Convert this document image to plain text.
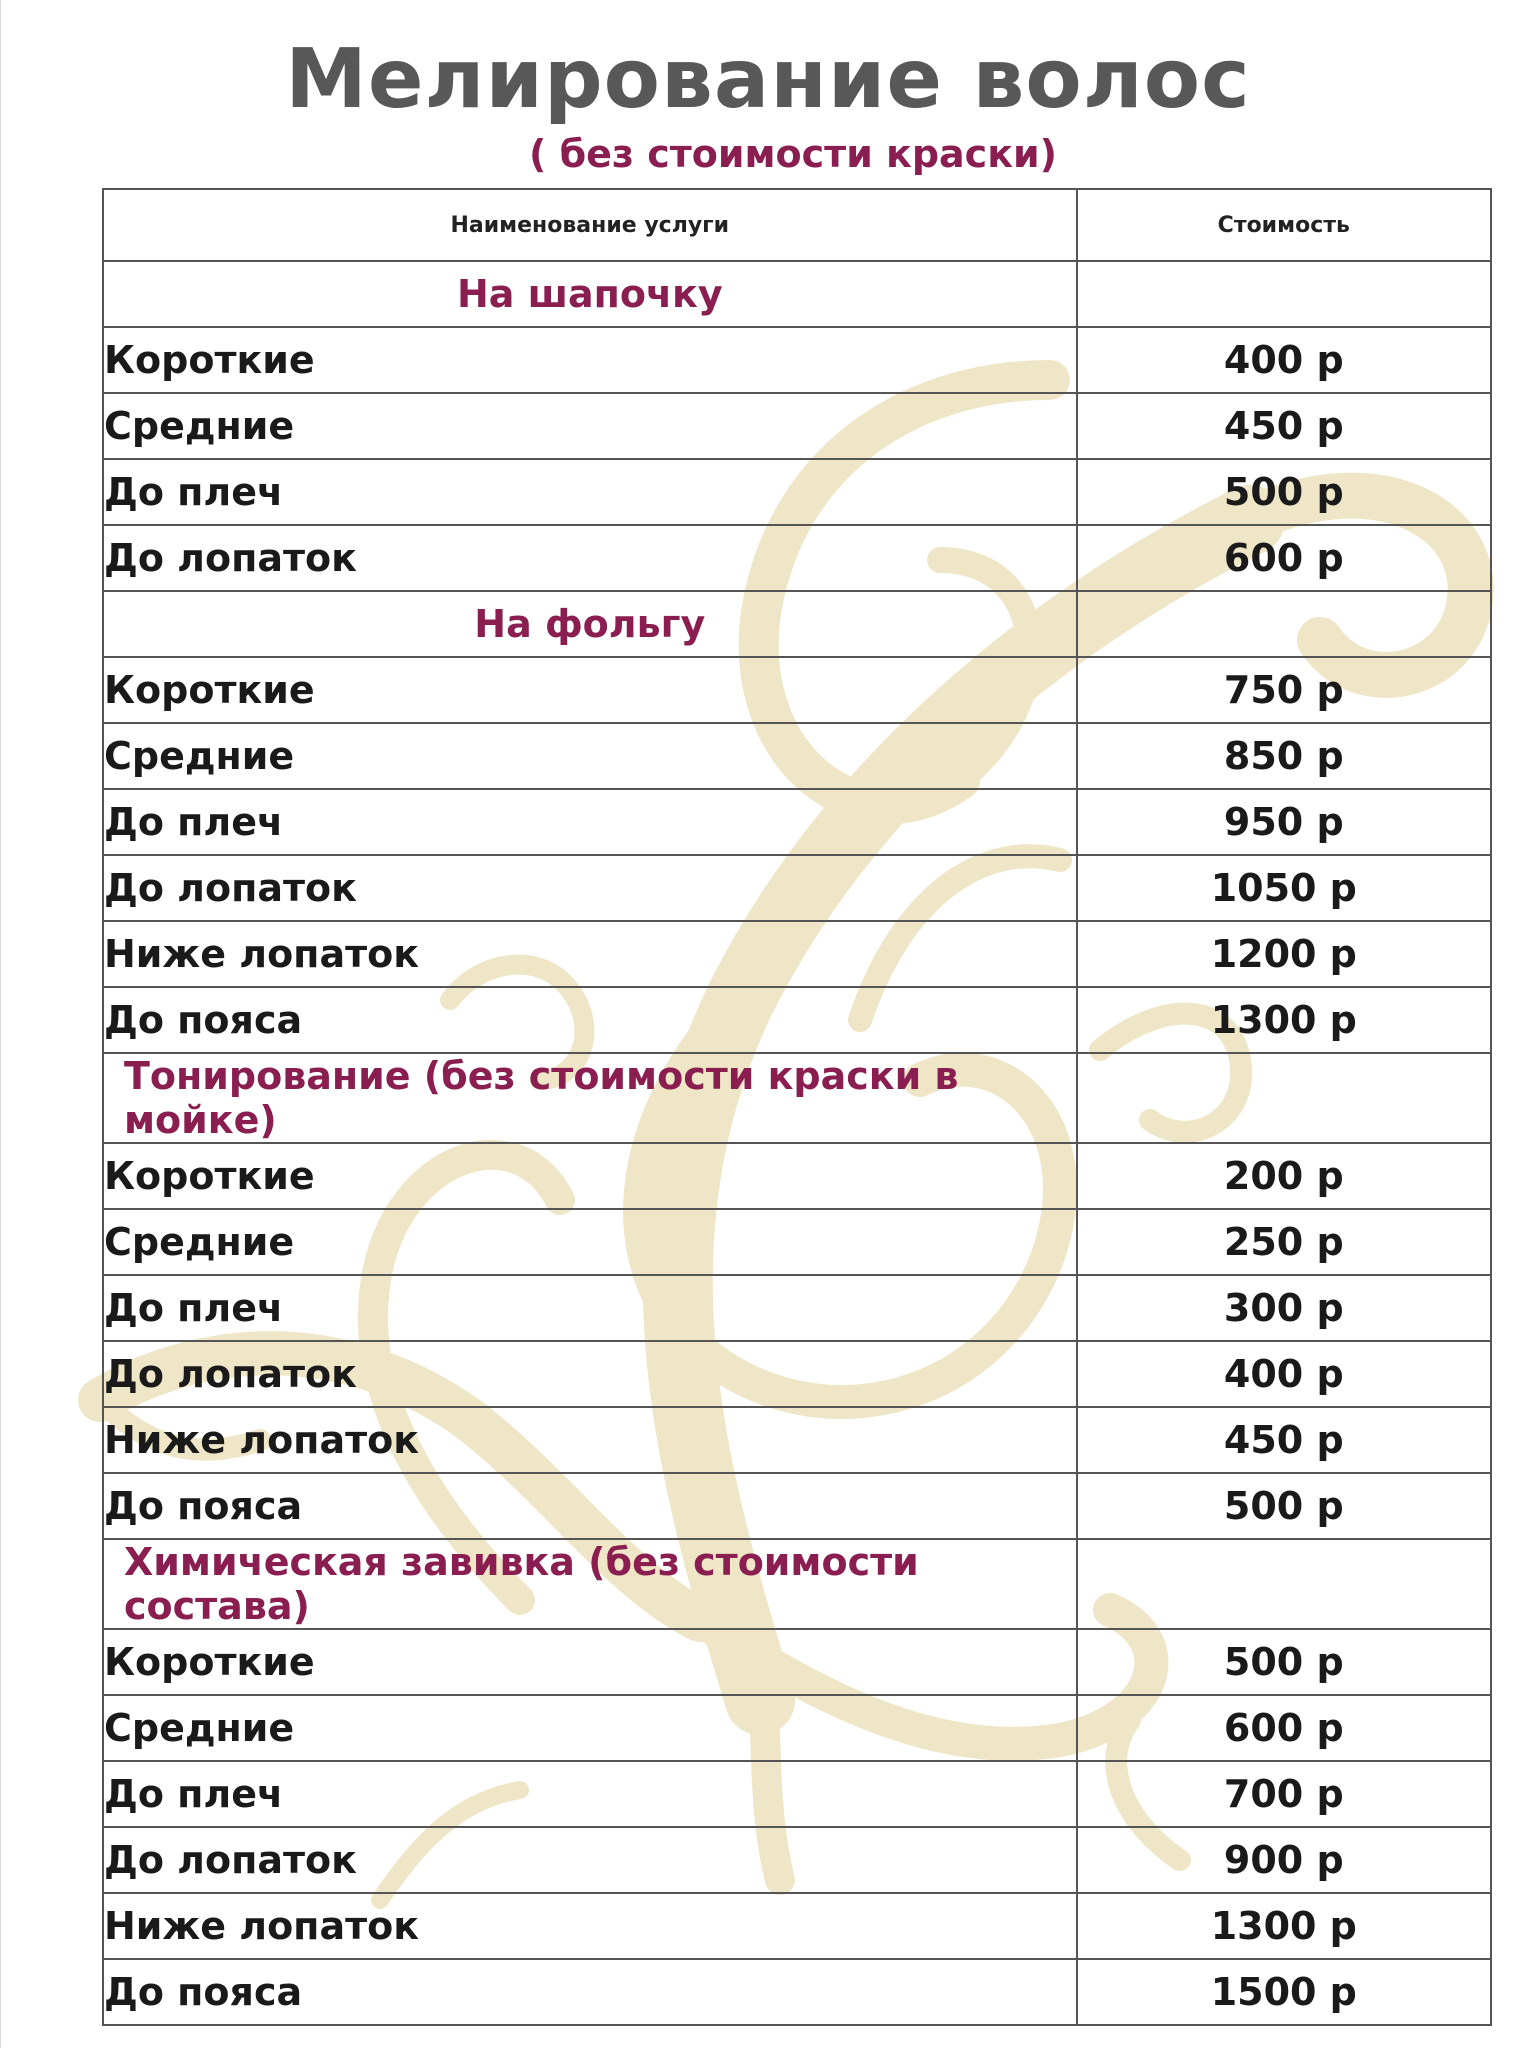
Мелирование волос
( без стоимости краски)
Наименование услуги	Стоимость
На шапочку	
Короткие	400 р
Средние	450 р
До плеч	500 р
До лопаток	600 р
На фольгу	
Короткие	750 р
Средние	850 р
До плеч	950 р
До лопаток	1050 р
Ниже лопаток	1200 р
До пояса	1300 р
Тонирование (без стоимости краски в мойке)	
Короткие	200 р
Средние	250 р
До плеч	300 р
До лопаток	400 р
Ниже лопаток	450 р
До пояса	500 р
Химическая завивка (без стоимости состава)	
Короткие	500 р
Средние	600 р
До плеч	700 р
До лопаток	900 р
Ниже лопаток	1300 р
До пояса	1500 р
